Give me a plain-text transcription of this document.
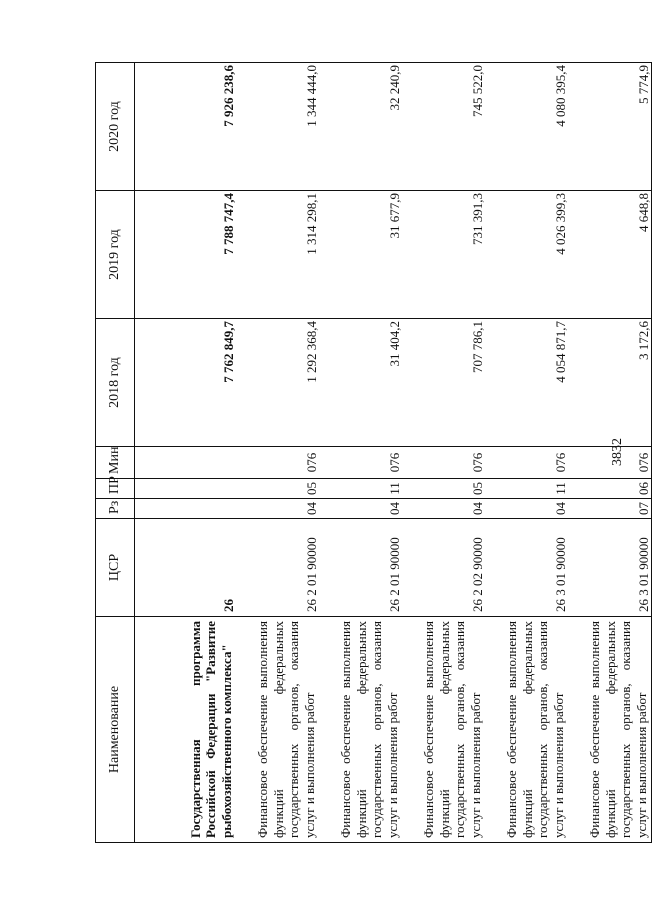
3832
Наименование	ЦСР	Рз	ПР	Мин	2018 год	2019 год	2020 год
Государственная программа Российской Федерации "Развитие рыбохозяйственного комплекса"	26				7 762 849,7	7 788 747,4	7 926 238,6
Финансовое обеспечение выполнения функций федеральных государственных органов, оказания услуг и выполнения работ	26 2 01 90000	04	05	076	1 292 368,4	1 314 298,1	1 344 444,0
Финансовое обеспечение выполнения функций федеральных государственных органов, оказания услуг и выполнения работ	26 2 01 90000	04	11	076	31 404,2	31 677,9	32 240,9
Финансовое обеспечение выполнения функций федеральных государственных органов, оказания услуг и выполнения работ	26 2 02 90000	04	05	076	707 786,1	731 391,3	745 522,0
Финансовое обеспечение выполнения функций федеральных государственных органов, оказания услуг и выполнения работ	26 3 01 90000	04	11	076	4 054 871,7	4 026 399,3	4 080 395,4
Финансовое обеспечение выполнения функций федеральных государственных органов, оказания услуг и выполнения работ	26 3 01 90000	07	06	076	3 172,6	4 648,8	5 774,9
